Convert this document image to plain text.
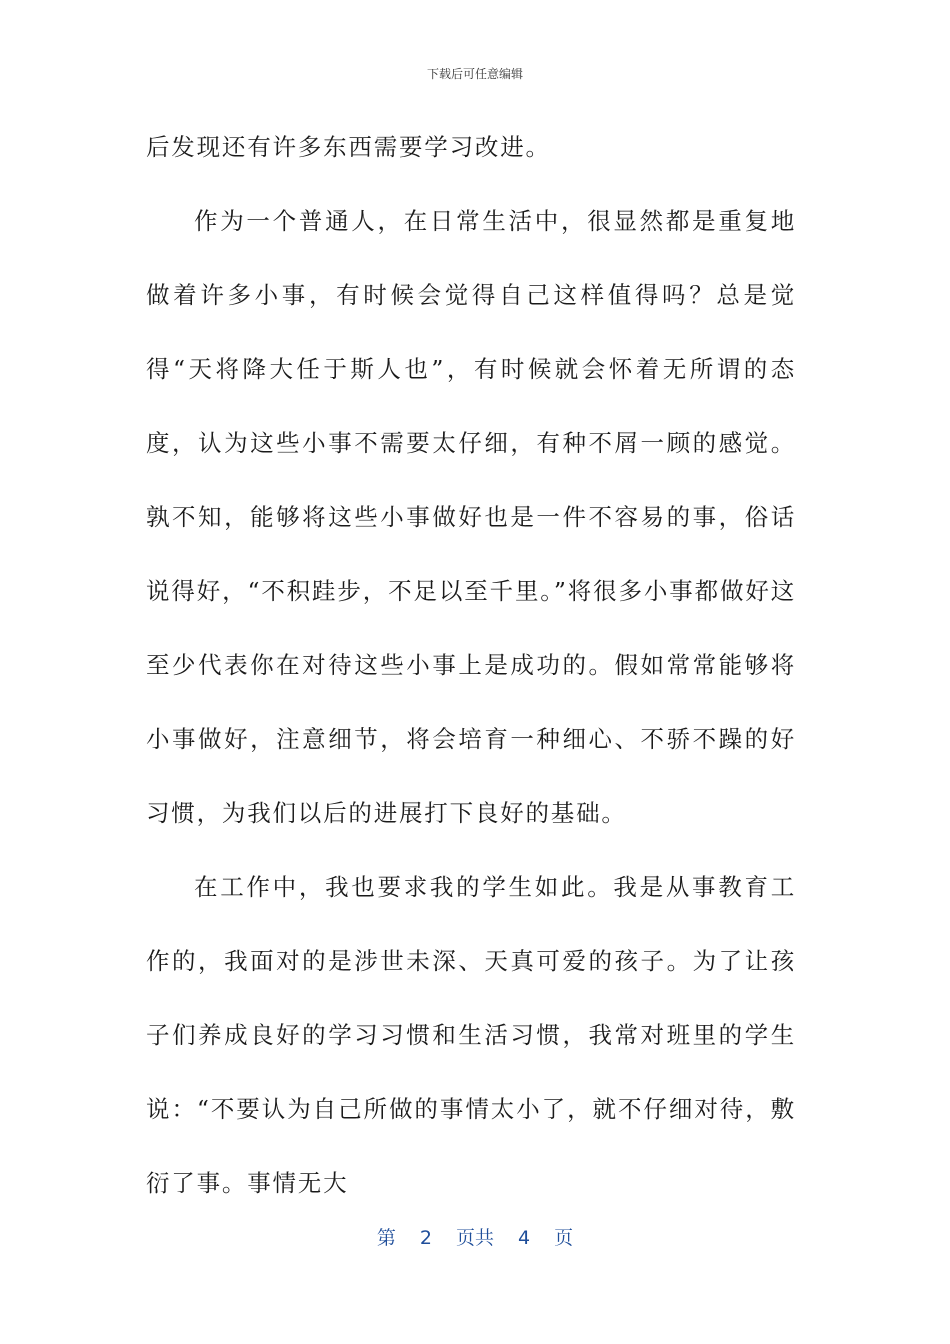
下载后可任意编辑

后发现还有许多东西需要学习改进。

作为一个普通人，在日常生活中，很显然都是重复地做着许多小事，有时候会觉得自己这样值得吗？总是觉得“天将降大任于斯人也”，有时候就会怀着无所谓的态度，认为这些小事不需要太仔细，有种不屑一顾的感觉。孰不知，能够将这些小事做好也是一件不容易的事，俗话说得好，“不积跬步，不足以至千里。”将很多小事都做好这至少代表你在对待这些小事上是成功的。假如常常能够将小事做好，注意细节，将会培育一种细心、不骄不躁的好习惯，为我们以后的进展打下良好的基础。

在工作中，我也要求我的学生如此。我是从事教育工作的，我面对的是涉世未深、天真可爱的孩子。为了让孩子们养成良好的学习习惯和生活习惯，我常对班里的学生说：“不要认为自己所做的事情太小了，就不仔细对待，敷衍了事。事情无大

第 2 页共 4 页
